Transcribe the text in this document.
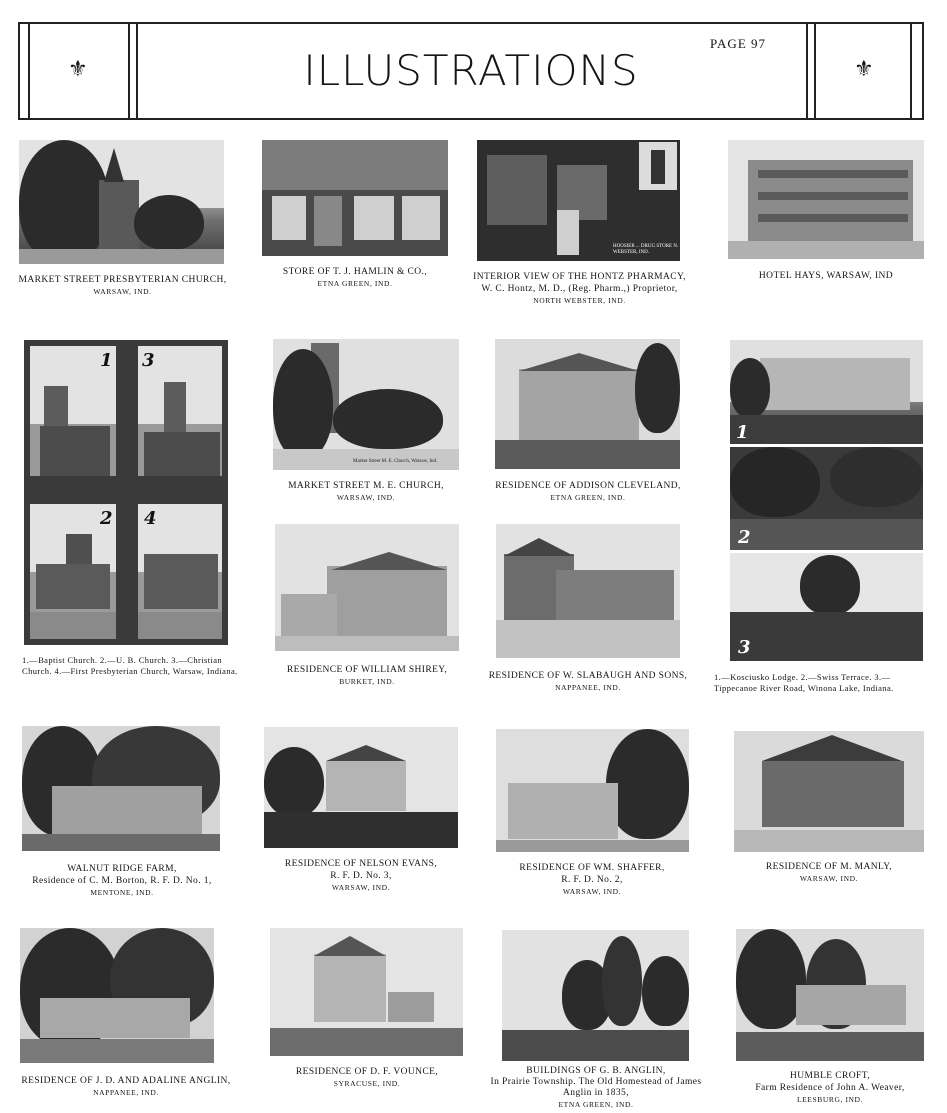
⚜	⚜
ILLUSTRATIONS
PAGE 97
MARKET STREET PRESBYTERIAN CHURCH,
WARSAW, IND.
STORE OF T. J. HAMLIN & CO.,
ETNA GREEN, IND.
HOOSIER ... DRUG STORE N. WEBSTER, IND.
INTERIOR VIEW OF THE HONTZ PHARMACY,
W. C. Hontz, M. D., (Reg. Pharm.,) Proprietor,
NORTH WEBSTER, IND.
HOTEL HAYS, WARSAW, IND
1 3
2 4
1.—Baptist Church. 2.—U. B. Church. 3.—Christian Church. 4.—First Presbyterian Church, Warsaw, Indiana.
Market Street M. E. Church, Warsaw, Ind.
MARKET STREET M. E. CHURCH,
WARSAW, IND.
RESIDENCE OF WILLIAM SHIREY,
BURKET, IND.
RESIDENCE OF ADDISON CLEVELAND,
ETNA GREEN, IND.
RESIDENCE OF W. SLABAUGH AND SONS,
NAPPANEE, IND.
1
2
3
1.—Kosciusko Lodge. 2.—Swiss Terrace. 3.—Tippecanoe River Road, Winona Lake, Indiana.
WALNUT RIDGE FARM,
Residence of C. M. Borton, R. F. D. No. 1,
MENTONE, IND.
RESIDENCE OF NELSON EVANS,
R. F. D. No. 3,
WARSAW, IND.
RESIDENCE OF WM. SHAFFER,
R. F. D. No. 2,
WARSAW, IND.
RESIDENCE OF M. MANLY,
WARSAW, IND.
RESIDENCE OF J. D. AND ADALINE ANGLIN,
NAPPANEE, IND.
RESIDENCE OF D. F. VOUNCE,
SYRACUSE, IND.
BUILDINGS OF G. B. ANGLIN,
In Prairie Township. The Old Homestead of James Anglin in 1835,
ETNA GREEN, IND.
HUMBLE CROFT,
Farm Residence of John A. Weaver,
LEESBURG, IND.
